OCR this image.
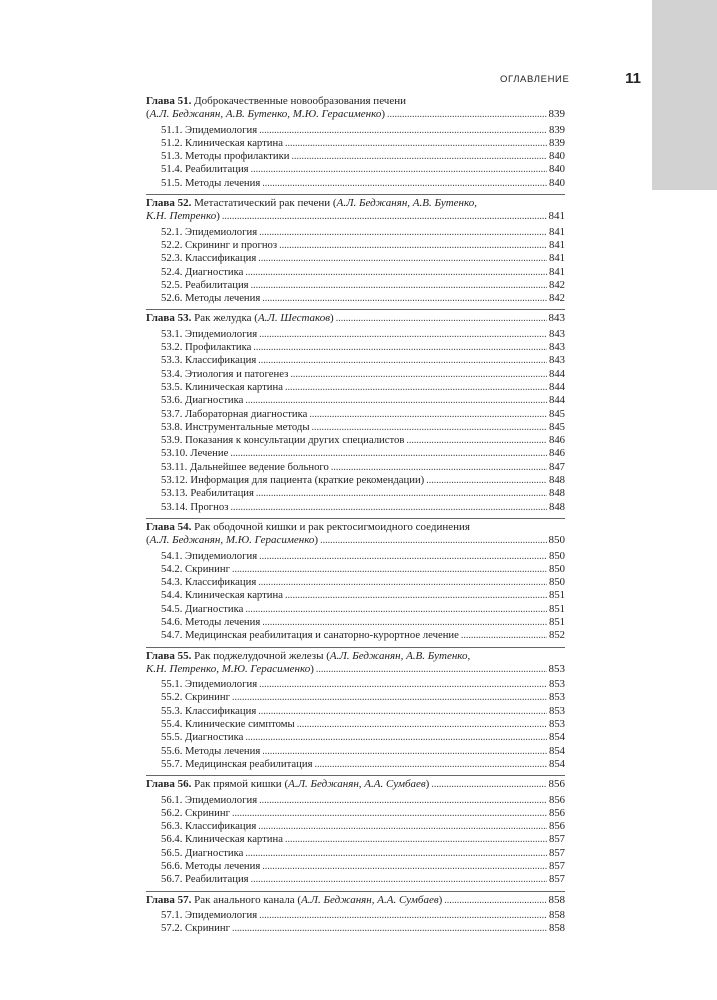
ОГЛАВЛЕНИЕ	11
Глава 51. Доброкачественные новообразования печени
(А.Л. Беджанян, А.В. Бутенко, М.Ю. Герасименко) .....	839
51.1. Эпидемиология .....	839
51.2. Клиническая картина .....	839
51.3. Методы профилактики .....	840
51.4. Реабилитация .....	840
51.5. Методы лечения .....	840
Глава 52. Метастатический рак печени (А.Л. Беджанян, А.В. Бутенко,
К.Н. Петренко) .....	841
52.1. Эпидемиология .....	841
52.2. Скрининг и прогноз .....	841
52.3. Классификация .....	841
52.4. Диагностика .....	841
52.5. Реабилитация .....	842
52.6. Методы лечения .....	842
Глава 53. Рак желудка (А.Л. Шестаков) .....	843
53.1. Эпидемиология .....	843
53.2. Профилактика .....	843
53.3. Классификация .....	843
53.4. Этиология и патогенез .....	844
53.5. Клиническая картина .....	844
53.6. Диагностика .....	844
53.7. Лабораторная диагностика .....	845
53.8. Инструментальные методы .....	845
53.9. Показания к консультации других специалистов .....	846
53.10. Лечение .....	846
53.11. Дальнейшее ведение больного .....	847
53.12. Информация для пациента (краткие рекомендации) .....	848
53.13. Реабилитация .....	848
53.14. Прогноз .....	848
Глава 54. Рак ободочной кишки и рак ректосигмоидного соединения
(А.Л. Беджанян, М.Ю. Герасименко) .....	850
54.1. Эпидемиология .....	850
54.2. Скрининг .....	850
54.3. Классификация .....	850
54.4. Клиническая картина .....	851
54.5. Диагностика .....	851
54.6. Методы лечения .....	851
54.7. Медицинская реабилитация и санаторно-курортное лечение .....	852
Глава 55. Рак поджелудочной железы (А.Л. Беджанян, А.В. Бутенко,
К.Н. Петренко, М.Ю. Герасименко) .....	853
55.1. Эпидемиология .....	853
55.2. Скрининг .....	853
55.3. Классификация .....	853
55.4. Клинические симптомы .....	853
55.5. Диагностика .....	854
55.6. Методы лечения .....	854
55.7. Медицинская реабилитация .....	854
Глава 56. Рак прямой кишки (А.Л. Беджанян, А.А. Сумбаев) .....	856
56.1. Эпидемиология .....	856
56.2. Скрининг .....	856
56.3. Классификация .....	856
56.4. Клиническая картина .....	857
56.5. Диагностика .....	857
56.6. Методы лечения .....	857
56.7. Реабилитация .....	857
Глава 57. Рак анального канала (А.Л. Беджанян, А.А. Сумбаев) .....	858
57.1. Эпидемиология .....	858
57.2. Скрининг .....	858
